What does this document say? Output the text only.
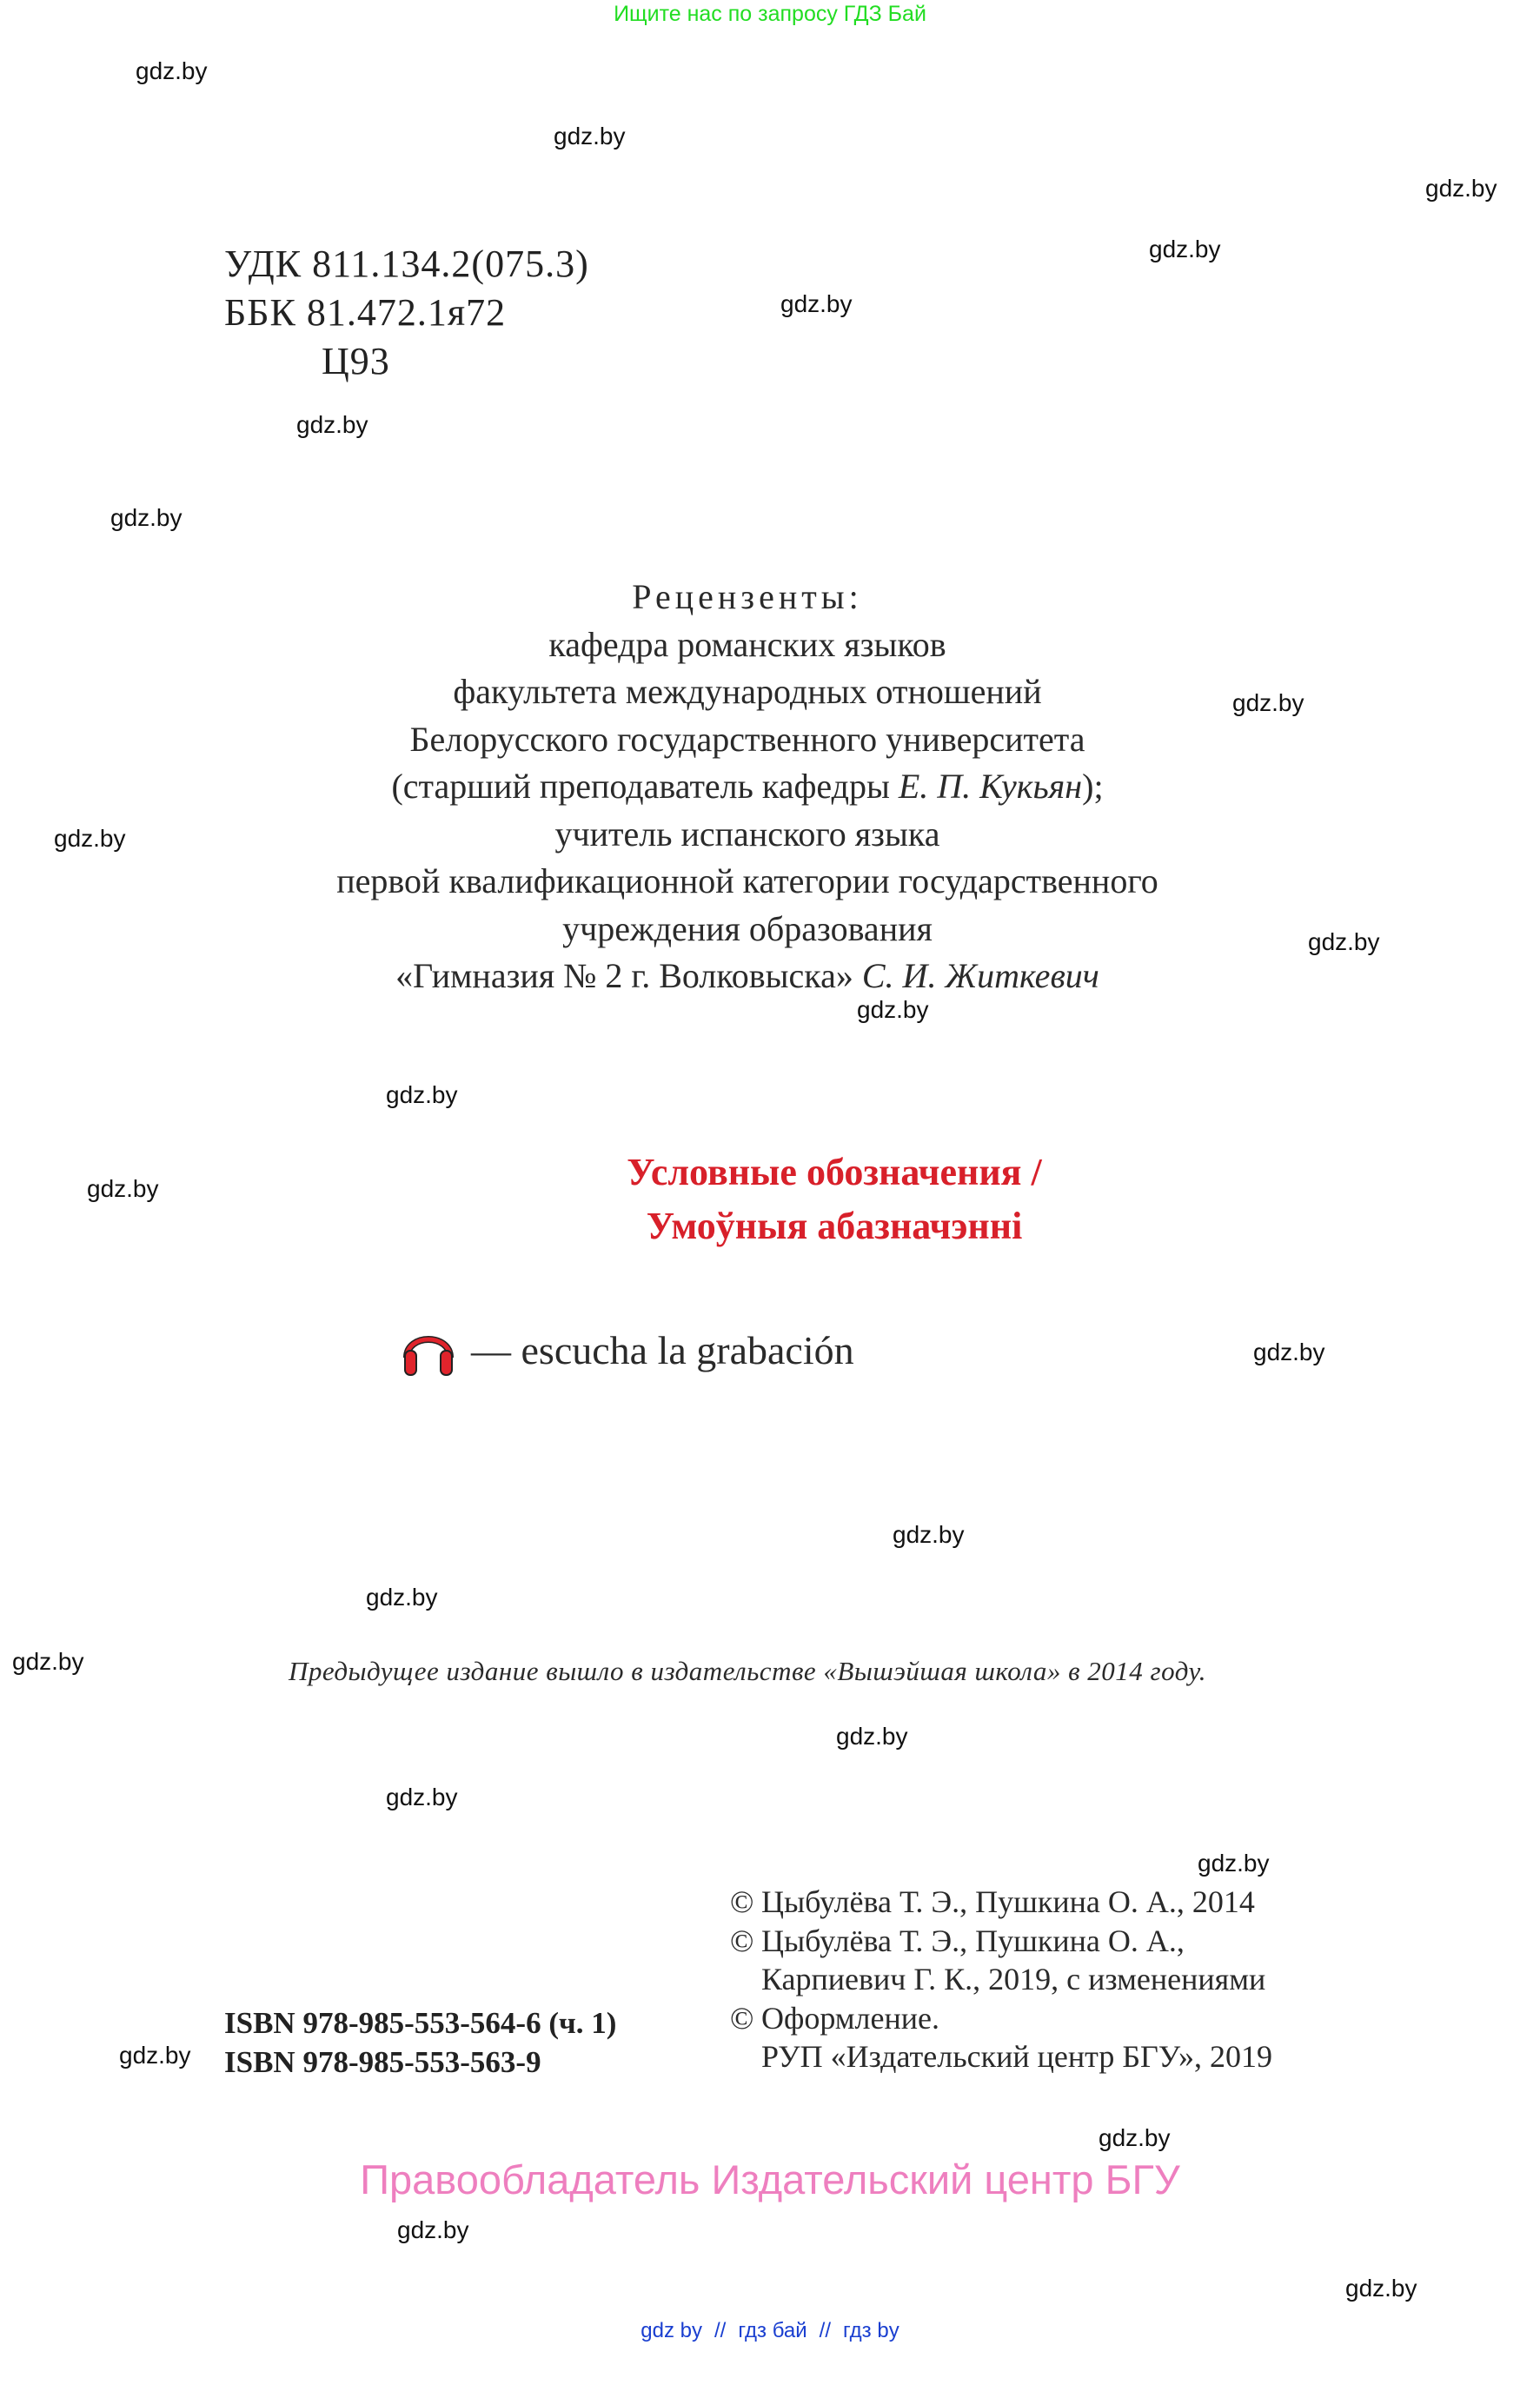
Ищите нас по запросу ГДЗ Бай
УДК 811.134.2(075.3)
ББК 81.472.1я72
Ц93
Рецензенты:
кафедра романских языков
факультета международных отношений
Белорусского государственного университета
(старший преподаватель кафедры Е. П. Кукьян);
учитель испанского языка
первой квалификационной категории государственного
учреждения образования
«Гимназия № 2 г. Волковыска» С. И. Житкевич
Условные обозначения /
Умоўныя абазначэнні
— escucha la grabación
Предыдущее издание вышло в издательстве «Вышэйшая школа» в 2014 году.
© Цыбулёва Т. Э., Пушкина О. А., 2014
© Цыбулёва Т. Э., Пушкина О. А.,
Карпиевич Г. К., 2019, с изменениями
© Оформление.
РУП «Издательский центр БГУ», 2019
ISBN 978-985-553-564-6 (ч. 1)
ISBN 978-985-553-563-9
Правообладатель Издательский центр БГУ
gdz by // гдз бай // гдз by
gdz.by
gdz.by
gdz.by
gdz.by
gdz.by
gdz.by
gdz.by
gdz.by
gdz.by
gdz.by
gdz.by
gdz.by
gdz.by
gdz.by
gdz.by
gdz.by
gdz.by
gdz.by
gdz.by
gdz.by
gdz.by
gdz.by
gdz.by
gdz.by
